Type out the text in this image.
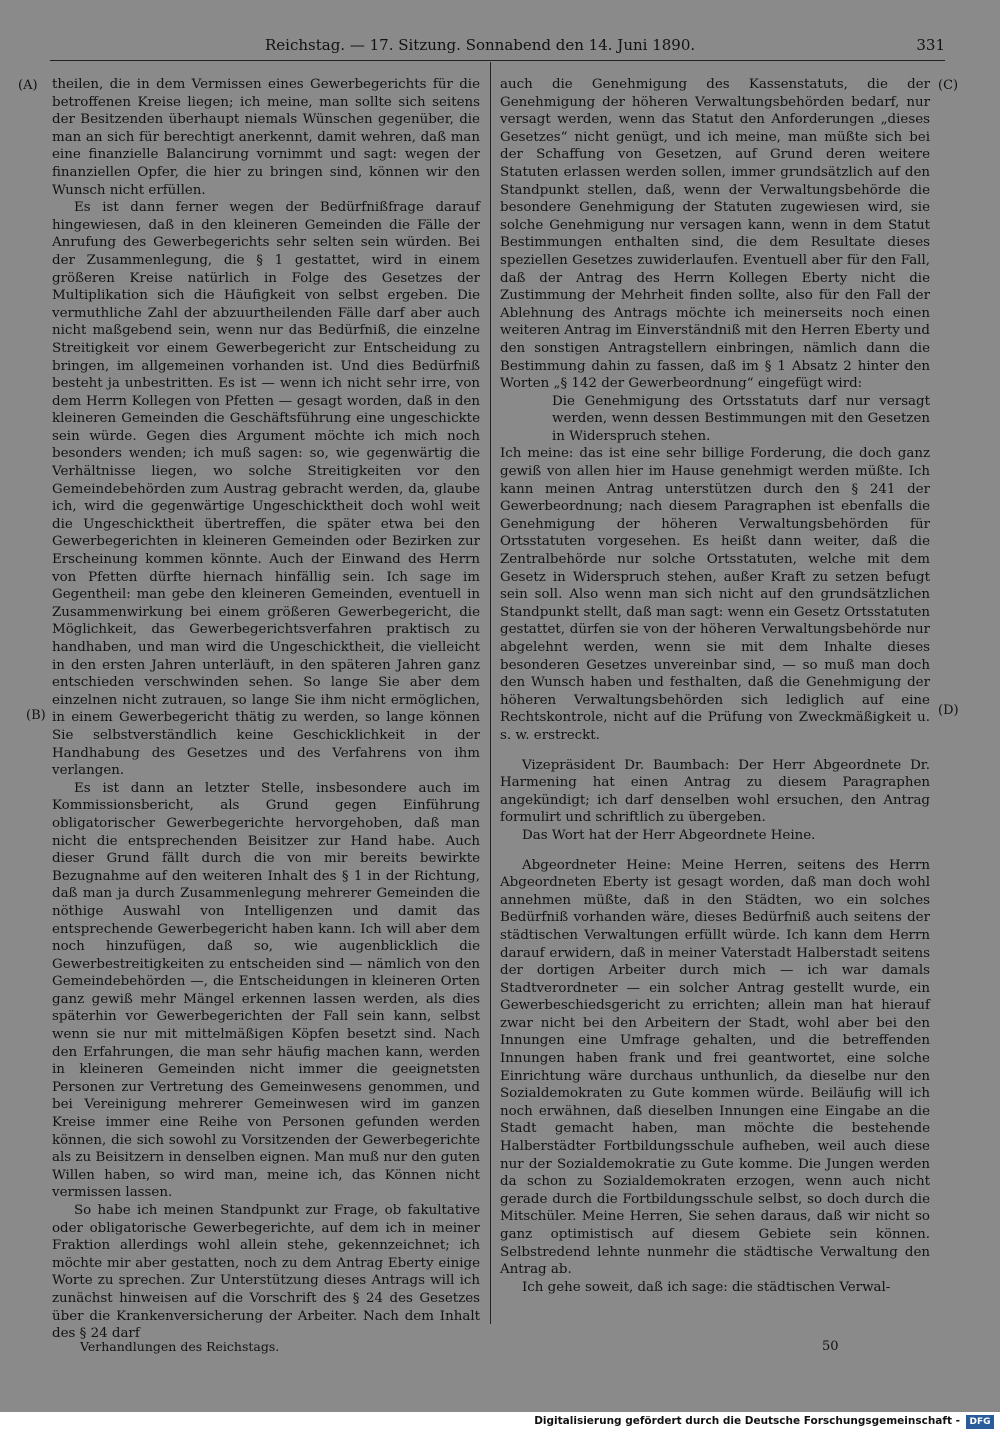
Reichstag. — 17. Sitzung. Sonnabend den 14. Juni 1890.	331
(A)
(B)
(C)
(D)

theilen, die in dem Vermissen eines Gewerbegerichts für die betroffenen Kreise liegen; ich meine, man sollte sich seitens der Besitzenden überhaupt niemals Wünschen gegenüber, die man an sich für berechtigt anerkennt, damit wehren, daß man eine finanzielle Balancirung vornimmt und sagt: wegen der finanziellen Opfer, die hier zu bringen sind, können wir den Wunsch nicht erfüllen.

Es ist dann ferner wegen der Bedürfnißfrage darauf hingewiesen, daß in den kleineren Gemeinden die Fälle der Anrufung des Gewerbegerichts sehr selten sein würden. Bei der Zusammenlegung, die § 1 gestattet, wird in einem größeren Kreise natürlich in Folge des Gesetzes der Multiplikation sich die Häufigkeit von selbst ergeben. Die vermuthliche Zahl der abzuurtheilenden Fälle darf aber auch nicht maßgebend sein, wenn nur das Bedürfniß, die einzelne Streitigkeit vor einem Gewerbegericht zur Entscheidung zu bringen, im allgemeinen vorhanden ist. Und dies Bedürfniß besteht ja unbestritten. Es ist — wenn ich nicht sehr irre, von dem Herrn Kollegen von Pfetten — gesagt worden, daß in den kleineren Gemeinden die Geschäftsführung eine ungeschickte sein würde. Gegen dies Argument möchte ich mich noch besonders wenden; ich muß sagen: so, wie gegenwärtig die Verhältnisse liegen, wo solche Streitigkeiten vor den Gemeindebehörden zum Austrag gebracht werden, da, glaube ich, wird die gegenwärtige Ungeschicktheit doch wohl weit die Ungeschicktheit übertreffen, die später etwa bei den Gewerbegerichten in kleineren Gemeinden oder Bezirken zur Erscheinung kommen könnte. Auch der Einwand des Herrn von Pfetten dürfte hiernach hinfällig sein. Ich sage im Gegentheil: man gebe den kleineren Gemeinden, eventuell in Zusammenwirkung bei einem größeren Gewerbegericht, die Möglichkeit, das Gewerbegerichtsverfahren praktisch zu handhaben, und man wird die Ungeschicktheit, die vielleicht in den ersten Jahren unterläuft, in den späteren Jahren ganz entschieden verschwinden sehen. So lange Sie aber dem einzelnen nicht zutrauen, so lange Sie ihm nicht ermöglichen, in einem Gewerbegericht thätig zu werden, so lange können Sie selbstverständlich keine Geschicklichkeit in der Handhabung des Gesetzes und des Verfahrens von ihm verlangen.

Es ist dann an letzter Stelle, insbesondere auch im Kommissionsbericht, als Grund gegen Einführung obligatorischer Gewerbegerichte hervorgehoben, daß man nicht die entsprechenden Beisitzer zur Hand habe. Auch dieser Grund fällt durch die von mir bereits bewirkte Bezugnahme auf den weiteren Inhalt des § 1 in der Richtung, daß man ja durch Zusammenlegung mehrerer Gemeinden die nöthige Auswahl von Intelligenzen und damit das entsprechende Gewerbegericht haben kann. Ich will aber dem noch hinzufügen, daß so, wie augenblicklich die Gewerbestreitigkeiten zu entscheiden sind — nämlich von den Gemeindebehörden —, die Entscheidungen in kleineren Orten ganz gewiß mehr Mängel erkennen lassen werden, als dies späterhin vor Gewerbegerichten der Fall sein kann, selbst wenn sie nur mit mittelmäßigen Köpfen besetzt sind. Nach den Erfahrungen, die man sehr häufig machen kann, werden in kleineren Gemeinden nicht immer die geeignetsten Personen zur Vertretung des Gemeinwesens genommen, und bei Vereinigung mehrerer Gemeinwesen wird im ganzen Kreise immer eine Reihe von Personen gefunden werden können, die sich sowohl zu Vorsitzenden der Gewerbegerichte als zu Beisitzern in denselben eignen. Man muß nur den guten Willen haben, so wird man, meine ich, das Können nicht vermissen lassen.

So habe ich meinen Standpunkt zur Frage, ob fakultative oder obligatorische Gewerbegerichte, auf dem ich in meiner Fraktion allerdings wohl allein stehe, gekennzeichnet; ich möchte mir aber gestatten, noch zu dem Antrag Eberty einige Worte zu sprechen. Zur Unterstützung dieses Antrags will ich zunächst hinweisen auf die Vorschrift des § 24 des Gesetzes über die Krankenversicherung der Arbeiter. Nach dem Inhalt des § 24 darf

auch die Genehmigung des Kassenstatuts, die der Genehmigung der höheren Verwaltungsbehörden bedarf, nur versagt werden, wenn das Statut den Anforderungen „dieses Gesetzes“ nicht genügt, und ich meine, man müßte sich bei der Schaffung von Gesetzen, auf Grund deren weitere Statuten erlassen werden sollen, immer grundsätzlich auf den Standpunkt stellen, daß, wenn der Verwaltungsbehörde die besondere Genehmigung der Statuten zugewiesen wird, sie solche Genehmigung nur versagen kann, wenn in dem Statut Bestimmungen enthalten sind, die dem Resultate dieses speziellen Gesetzes zuwiderlaufen. Eventuell aber für den Fall, daß der Antrag des Herrn Kollegen Eberty nicht die Zustimmung der Mehrheit finden sollte, also für den Fall der Ablehnung des Antrags möchte ich meinerseits noch einen weiteren Antrag im Einverständniß mit den Herren Eberty und den sonstigen Antragstellern einbringen, nämlich dann die Bestimmung dahin zu fassen, daß im § 1 Absatz 2 hinter den Worten „§ 142 der Gewerbeordnung“ eingefügt wird:

Die Genehmigung des Ortsstatuts darf nur versagt werden, wenn dessen Bestimmungen mit den Gesetzen in Widerspruch stehen.

Ich meine: das ist eine sehr billige Forderung, die doch ganz gewiß von allen hier im Hause genehmigt werden müßte. Ich kann meinen Antrag unterstützen durch den § 241 der Gewerbeordnung; nach diesem Paragraphen ist ebenfalls die Genehmigung der höheren Verwaltungsbehörden für Ortsstatuten vorgesehen. Es heißt dann weiter, daß die Zentralbehörde nur solche Ortsstatuten, welche mit dem Gesetz in Widerspruch stehen, außer Kraft zu setzen befugt sein soll. Also wenn man sich nicht auf den grundsätzlichen Standpunkt stellt, daß man sagt: wenn ein Gesetz Ortsstatuten gestattet, dürfen sie von der höheren Verwaltungsbehörde nur abgelehnt werden, wenn sie mit dem Inhalte dieses besonderen Gesetzes unvereinbar sind, — so muß man doch den Wunsch haben und festhalten, daß die Genehmigung der höheren Verwaltungsbehörden sich lediglich auf eine Rechtskontrole, nicht auf die Prüfung von Zweckmäßigkeit u. s. w. erstreckt.

Vizepräsident Dr. Baumbach: Der Herr Abgeordnete Dr. Harmening hat einen Antrag zu diesem Paragraphen angekündigt; ich darf denselben wohl ersuchen, den Antrag formulirt und schriftlich zu übergeben.

Das Wort hat der Herr Abgeordnete Heine.

Abgeordneter Heine: Meine Herren, seitens des Herrn Abgeordneten Eberty ist gesagt worden, daß man doch wohl annehmen müßte, daß in den Städten, wo ein solches Bedürfniß vorhanden wäre, dieses Bedürfniß auch seitens der städtischen Verwaltungen erfüllt würde. Ich kann dem Herrn darauf erwidern, daß in meiner Vaterstadt Halberstadt seitens der dortigen Arbeiter durch mich — ich war damals Stadtverordneter — ein solcher Antrag gestellt wurde, ein Gewerbeschiedsgericht zu errichten; allein man hat hierauf zwar nicht bei den Arbeitern der Stadt, wohl aber bei den Innungen eine Umfrage gehalten, und die betreffenden Innungen haben frank und frei geantwortet, eine solche Einrichtung wäre durchaus unthunlich, da dieselbe nur den Sozialdemokraten zu Gute kommen würde. Beiläufig will ich noch erwähnen, daß dieselben Innungen eine Eingabe an die Stadt gemacht haben, man möchte die bestehende Halberstädter Fortbildungsschule aufheben, weil auch diese nur der Sozialdemokratie zu Gute komme. Die Jungen werden da schon zu Sozialdemokraten erzogen, wenn auch nicht gerade durch die Fortbildungsschule selbst, so doch durch die Mitschüler. Meine Herren, Sie sehen daraus, daß wir nicht so ganz optimistisch auf diesem Gebiete sein können. Selbstredend lehnte nunmehr die städtische Verwaltung den Antrag ab.

Ich gehe soweit, daß ich sage: die städtischen Verwal-

Verhandlungen des Reichstags.	50
Digitalisierung gefördert durch die Deutsche Forschungsgemeinschaft -	DFG
